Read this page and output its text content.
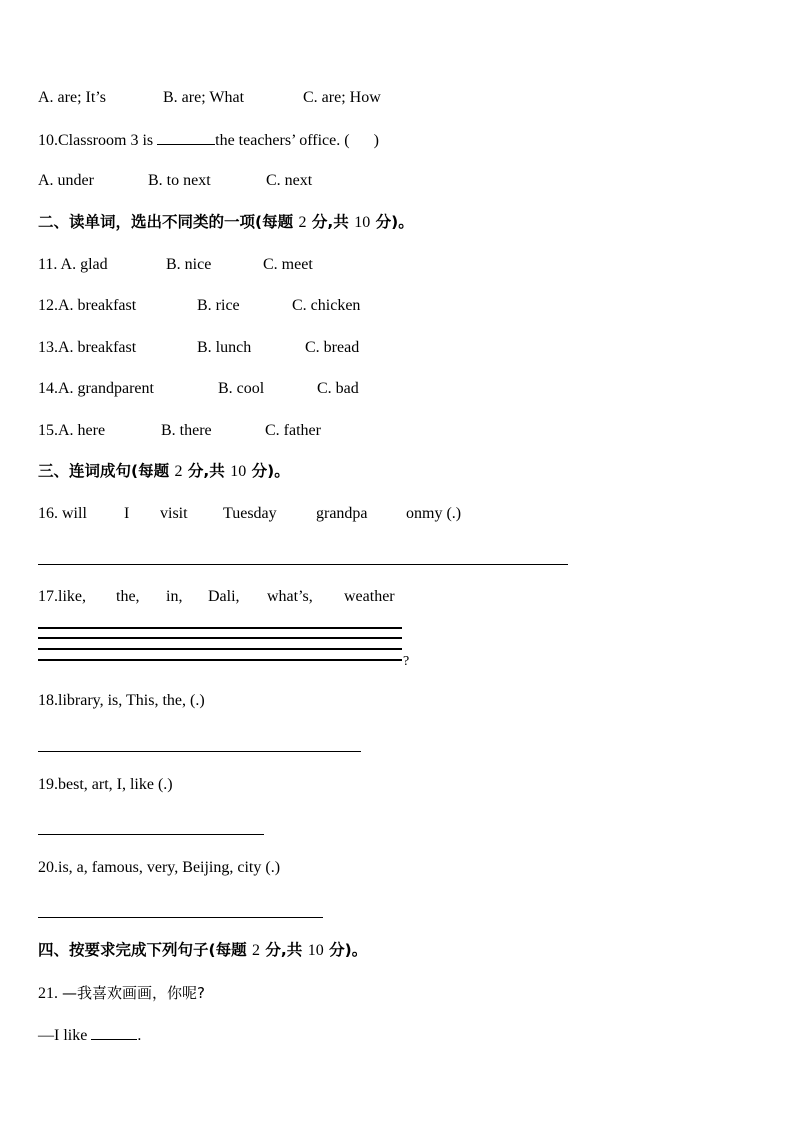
A. are; It’s	B. are; What	C. are; How
10.Classroom 3 is	the teachers’ office. ( )
A. under	B. to next	C. next
二、读单词，选出不同类的一项(每题 2 分,共 10 分)。
11. A. glad	B. nice	C. meet
12.A. breakfast	B. rice	C. chicken
13.A. breakfast	B. lunch	C. bread
14.A. grandparent	B. cool	C. bad
15.A. here	B. there	C. father
三、连词成句(每题 2 分,共 10 分)。
16. will I visit Tuesday grandpa onmy (.)
17.like, the, in, Dali, what’s, weather
?
18.library, is, This, the, (.)
19.best, art, I, like (.)
20.is, a, famous, very, Beijing, city (.)
四、按要求完成下列句子(每题 2 分,共 10 分)。
21. —我喜欢画画，你呢?
—I like	.
